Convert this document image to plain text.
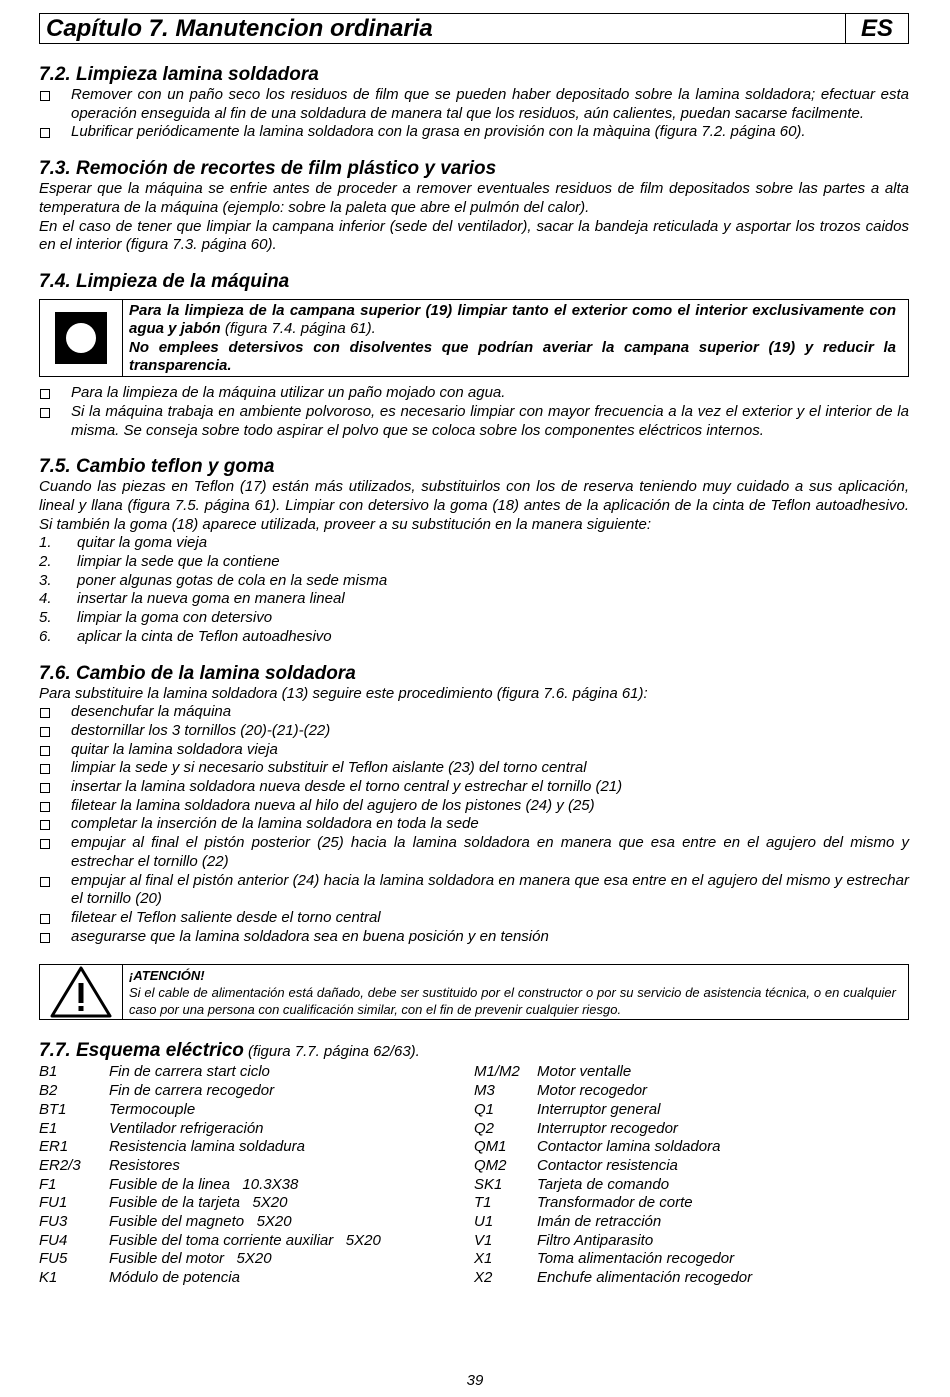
Capítulo 7. Manutencion ordinaria	ES
7.2. Limpieza lamina soldadora
Remover con un paño seco los residuos de film que se pueden haber depositado sobre la lamina soldadora; efectuar esta operación enseguida al fin de una soldadura de manera tal que los residuos, aún calientes, puedan sacarse facilmente.
Lubrificar periódicamente la lamina soldadora con la grasa en provisión con la màquina (figura 7.2. página 60).
7.3. Remoción de recortes de film plástico y varios

Esperar que la máquina se enfrie antes de proceder a remover eventuales residuos de film depositados sobre las partes a alta temperatura de la máquina (ejemplo: sobre la paleta que abre el pulmón del calor).

En el caso de tener que limpiar la campana inferior (sede del ventilador), sacar la bandeja reticulada y asportar los trozos caidos en el interior (figura 7.3. página 60).

7.4. Limpieza de la máquina

Para la limpieza de la campana superior (19) limpiar tanto el exterior como el interior exclusivamente con agua y jabón (figura 7.4. página 61).

No emplees detersivos con disolventes que podrían averiar la campana superior (19) y reducir la transparencia.

Para la limpieza de la máquina utilizar un paño mojado con agua.
Si la máquina trabaja en ambiente polvoroso, es necesario limpiar con mayor frecuencia a la vez el exterior y el interior de la misma. Se conseja sobre todo aspirar el polvo que se coloca sobre los componentes eléctricos internos.
7.5. Cambio teflon y goma

Cuando las piezas en Teflon (17) están más utilizados, substituirlos con los de reserva teniendo muy cuidado a sus aplicación, lineal y llana (figura 7.5. página 61). Limpiar con detersivo la goma (18) antes de la aplicación de la cinta de Teflon autoadhesivo. Si también la goma (18) aparece utilizada, proveer a su substitución en la manera siguiente:

1. quitar la goma vieja
2. limpiar la sede que la contiene
3. poner algunas gotas de cola en la sede misma
4. insertar la nueva goma en manera lineal
5. limpiar la goma con detersivo
6. aplicar la cinta de Teflon autoadhesivo
7.6. Cambio de la lamina soldadora

Para substituire la lamina soldadora (13) seguire este procedimiento (figura 7.6. página 61):

desenchufar la máquina
destornillar los 3 tornillos (20)-(21)-(22)
quitar la lamina soldadora vieja
limpiar la sede y si necesario substituir el Teflon aislante (23) del torno central
insertar la lamina soldadora nueva desde el torno central y estrechar el tornillo (21)
filetear la lamina soldadora nueva al hilo del agujero de los pistones (24) y (25)
completar la inserción de la lamina soldadora en toda la sede
empujar al final el pistón posterior (25) hacia la lamina soldadora en manera que esa entre en el agujero del mismo y estrechar el tornillo (22)
empujar al final el pistón anterior (24) hacia la lamina soldadora en manera que esa entre en el agujero del mismo y estrechar el tornillo (20)
filetear el Teflon saliente desde el torno central
asegurarse que la lamina soldadora sea en buena posición y en tensión

¡ATENCIÓN!

Si el cable de alimentación está dañado, debe ser sustituido por el constructor o por su servicio de asistencia técnica, o en cualquier caso por una persona con cualificación similar, con el fin de prevenir cualquier riesgo.

7.7. Esquema eléctrico (figura 7.7. página 62/63).
B1	Fin de carrera start ciclo
B2	Fin de carrera recogedor
BT1	Termocouple
E1	Ventilador refrigeración
ER1	Resistencia lamina soldadura
ER2/3	Resistores
F1	Fusible de la linea   10.3X38
FU1	Fusible de la tarjeta   5X20
FU3	Fusible del magneto   5X20
FU4	Fusible del toma corriente auxiliar   5X20
FU5	Fusible del motor   5X20
K1	Módulo de potencia
M1/M2	Motor ventalle
M3	Motor recogedor
Q1	Interruptor general
Q2	Interruptor recogedor
QM1	Contactor lamina soldadora
QM2	Contactor resistencia
SK1	Tarjeta de comando
T1	Transformador de corte
U1	Imán de retracción
V1	Filtro Antiparasito
X1	Toma alimentación recogedor
X2	Enchufe alimentación recogedor
39
